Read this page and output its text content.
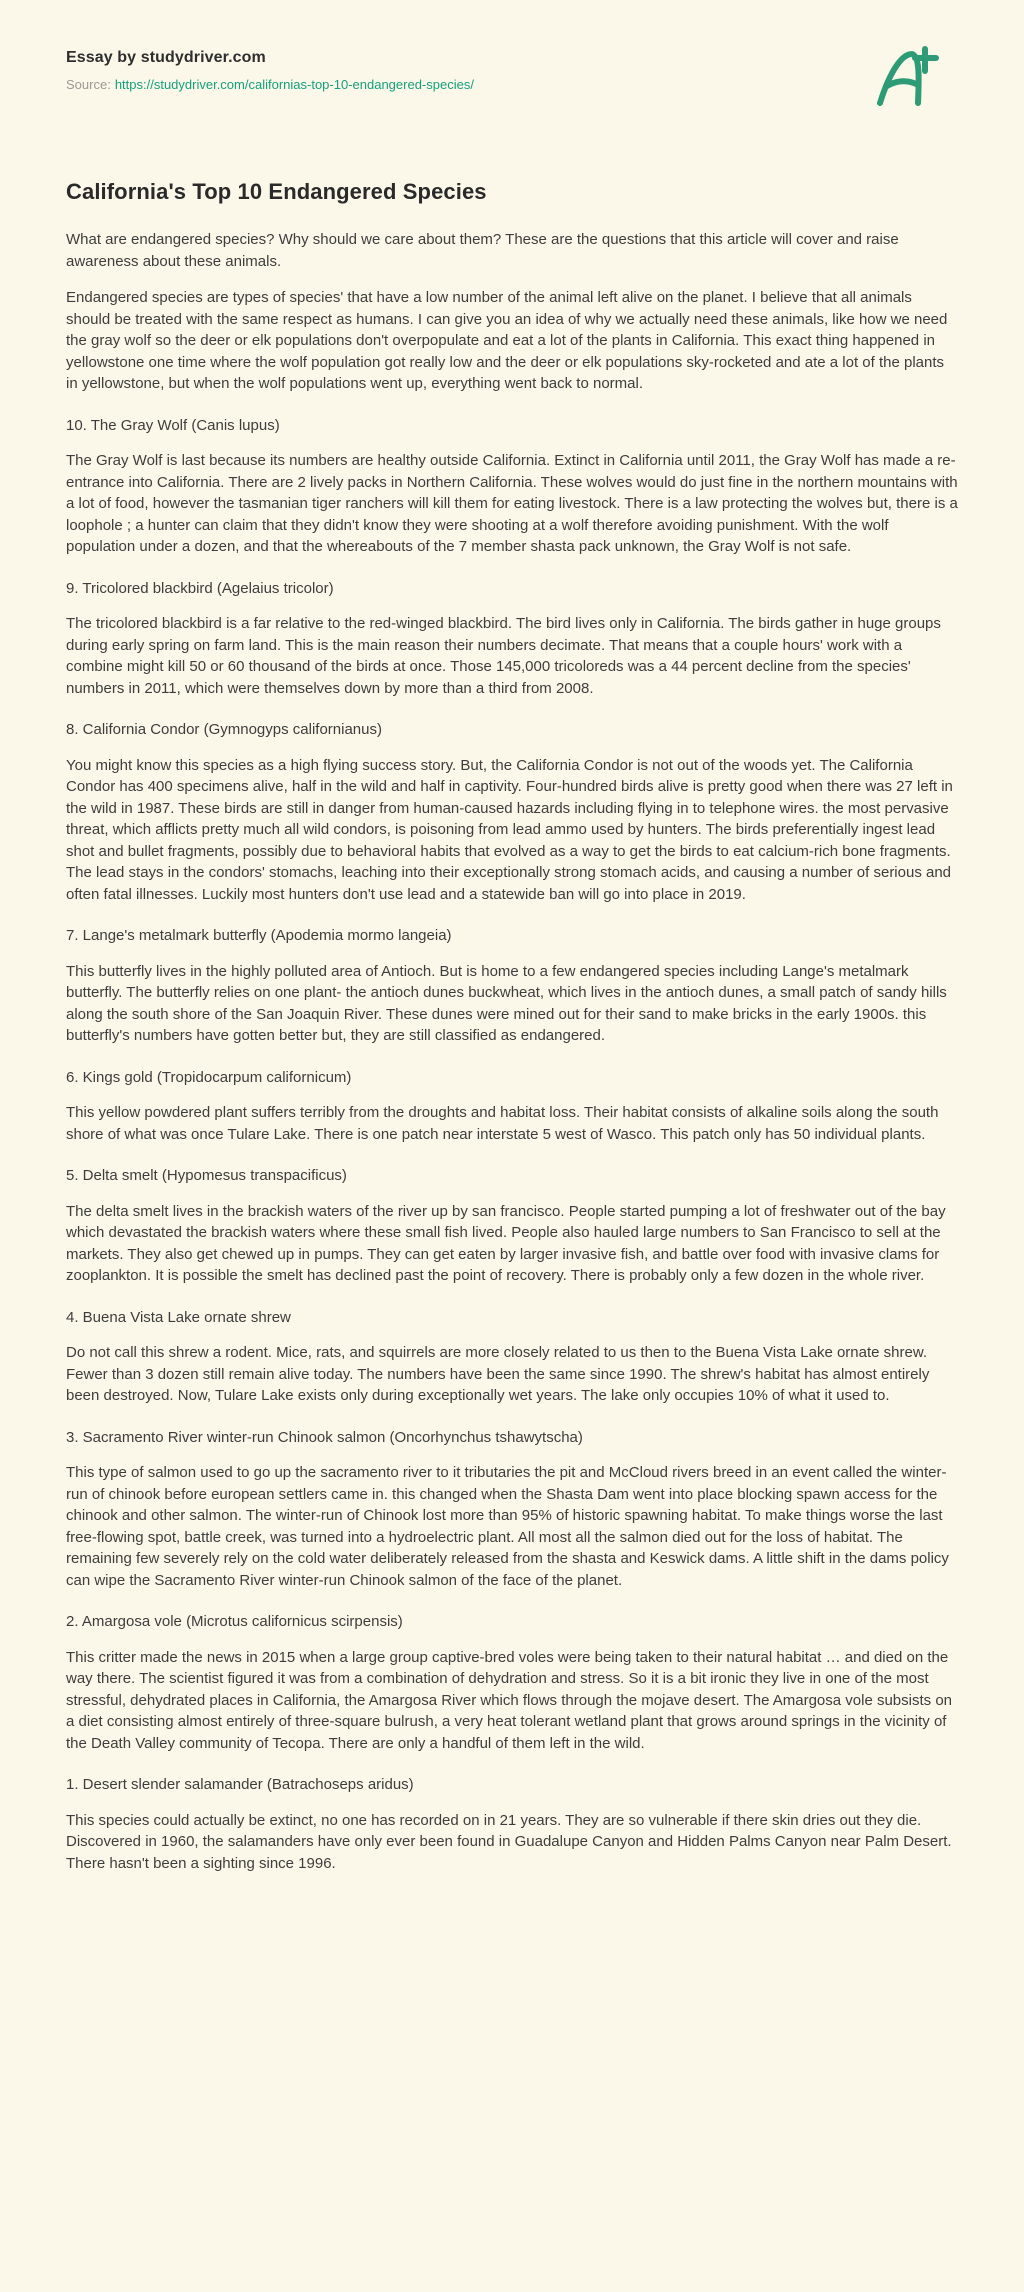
Essay by studydriver.com
Source: https://studydriver.com/californias-top-10-endangered-species/
California's Top 10 Endangered Species

What are endangered species? Why should we care about them? These are the questions that this article will cover and raise awareness about these animals.

Endangered species are types of species' that have a low number of the animal left alive on the planet. I believe that all animals should be treated with the same respect as humans. I can give you an idea of why we actually need these animals, like how we need the gray wolf so the deer or elk populations don't overpopulate and eat a lot of the plants in California. This exact thing happened in yellowstone one time where the wolf population got really low and the deer or elk populations sky-rocketed and ate a lot of the plants in yellowstone, but when the wolf populations went up, everything went back to normal.

10. The Gray Wolf (Canis lupus)

The Gray Wolf is last because its numbers are healthy outside California. Extinct in California until 2011, the Gray Wolf has made a re-entrance into California. There are 2 lively packs in Northern California. These wolves would do just fine in the northern mountains with a lot of food, however the tasmanian tiger ranchers will kill them for eating livestock. There is a law protecting the wolves but, there is a loophole ; a hunter can claim that they didn't know they were shooting at a wolf therefore avoiding punishment. With the wolf population under a dozen, and that the whereabouts of the 7 member shasta pack unknown, the Gray Wolf is not safe.

9. Tricolored blackbird (Agelaius tricolor)

The tricolored blackbird is a far relative to the red-winged blackbird. The bird lives only in California. The birds gather in huge groups during early spring on farm land. This is the main reason their numbers decimate. That means that a couple hours' work with a combine might kill 50 or 60 thousand of the birds at once. Those 145,000 tricoloreds was a 44 percent decline from the species' numbers in 2011, which were themselves down by more than a third from 2008.

8. California Condor (Gymnogyps californianus)

You might know this species as a high flying success story. But, the California Condor is not out of the woods yet. The California Condor has 400 specimens alive, half in the wild and half in captivity. Four-hundred birds alive is pretty good when there was 27 left in the wild in 1987. These birds are still in danger from human-caused hazards including flying in to telephone wires. the most pervasive threat, which afflicts pretty much all wild condors, is poisoning from lead ammo used by hunters. The birds preferentially ingest lead shot and bullet fragments, possibly due to behavioral habits that evolved as a way to get the birds to eat calcium-rich bone fragments. The lead stays in the condors' stomachs, leaching into their exceptionally strong stomach acids, and causing a number of serious and often fatal illnesses. Luckily most hunters don't use lead and a statewide ban will go into place in 2019.

7. Lange's metalmark butterfly (Apodemia mormo langeia)

This butterfly lives in the highly polluted area of Antioch. But is home to a few endangered species including Lange's metalmark butterfly. The butterfly relies on one plant- the antioch dunes buckwheat, which lives in the antioch dunes, a small patch of sandy hills along the south shore of the San Joaquin River. These dunes were mined out for their sand to make bricks in the early 1900s. this butterfly's numbers have gotten better but, they are still classified as endangered.

6. Kings gold (Tropidocarpum californicum)

This yellow powdered plant suffers terribly from the droughts and habitat loss. Their habitat consists of alkaline soils along the south shore of what was once Tulare Lake. There is one patch near interstate 5 west of Wasco. This patch only has 50 individual plants.

5. Delta smelt (Hypomesus transpacificus)

The delta smelt lives in the brackish waters of the river up by san francisco. People started pumping a lot of freshwater out of the bay which devastated the brackish waters where these small fish lived. People also hauled large numbers to San Francisco to sell at the markets. They also get chewed up in pumps. They can get eaten by larger invasive fish, and battle over food with invasive clams for zooplankton. It is possible the smelt has declined past the point of recovery. There is probably only a few dozen in the whole river.

4. Buena Vista Lake ornate shrew

Do not call this shrew a rodent. Mice, rats, and squirrels are more closely related to us then to the Buena Vista Lake ornate shrew. Fewer than 3 dozen still remain alive today. The numbers have been the same since 1990. The shrew's habitat has almost entirely been destroyed. Now, Tulare Lake exists only during exceptionally wet years. The lake only occupies 10% of what it used to.

3. Sacramento River winter-run Chinook salmon (Oncorhynchus tshawytscha)

This type of salmon used to go up the sacramento river to it tributaries the pit and McCloud rivers breed in an event called the winter-run of chinook before european settlers came in. this changed when the Shasta Dam went into place blocking spawn access for the chinook and other salmon. The winter-run of Chinook lost more than 95% of historic spawning habitat. To make things worse the last free-flowing spot, battle creek, was turned into a hydroelectric plant. All most all the salmon died out for the loss of habitat. The remaining few severely rely on the cold water deliberately released from the shasta and Keswick dams. A little shift in the dams policy can wipe the Sacramento River winter-run Chinook salmon of the face of the planet.

2. Amargosa vole (Microtus californicus scirpensis)

This critter made the news in 2015 when a large group captive-bred voles were being taken to their natural habitat … and died on the way there. The scientist figured it was from a combination of dehydration and stress. So it is a bit ironic they live in one of the most stressful, dehydrated places in California, the Amargosa River which flows through the mojave desert. The Amargosa vole subsists on a diet consisting almost entirely of three-square bulrush, a very heat tolerant wetland plant that grows around springs in the vicinity of the Death Valley community of Tecopa. There are only a handful of them left in the wild.

1. Desert slender salamander (Batrachoseps aridus)

This species could actually be extinct, no one has recorded on in 21 years. They are so vulnerable if there skin dries out they die. Discovered in 1960, the salamanders have only ever been found in Guadalupe Canyon and Hidden Palms Canyon near Palm Desert. There hasn't been a sighting since 1996.
